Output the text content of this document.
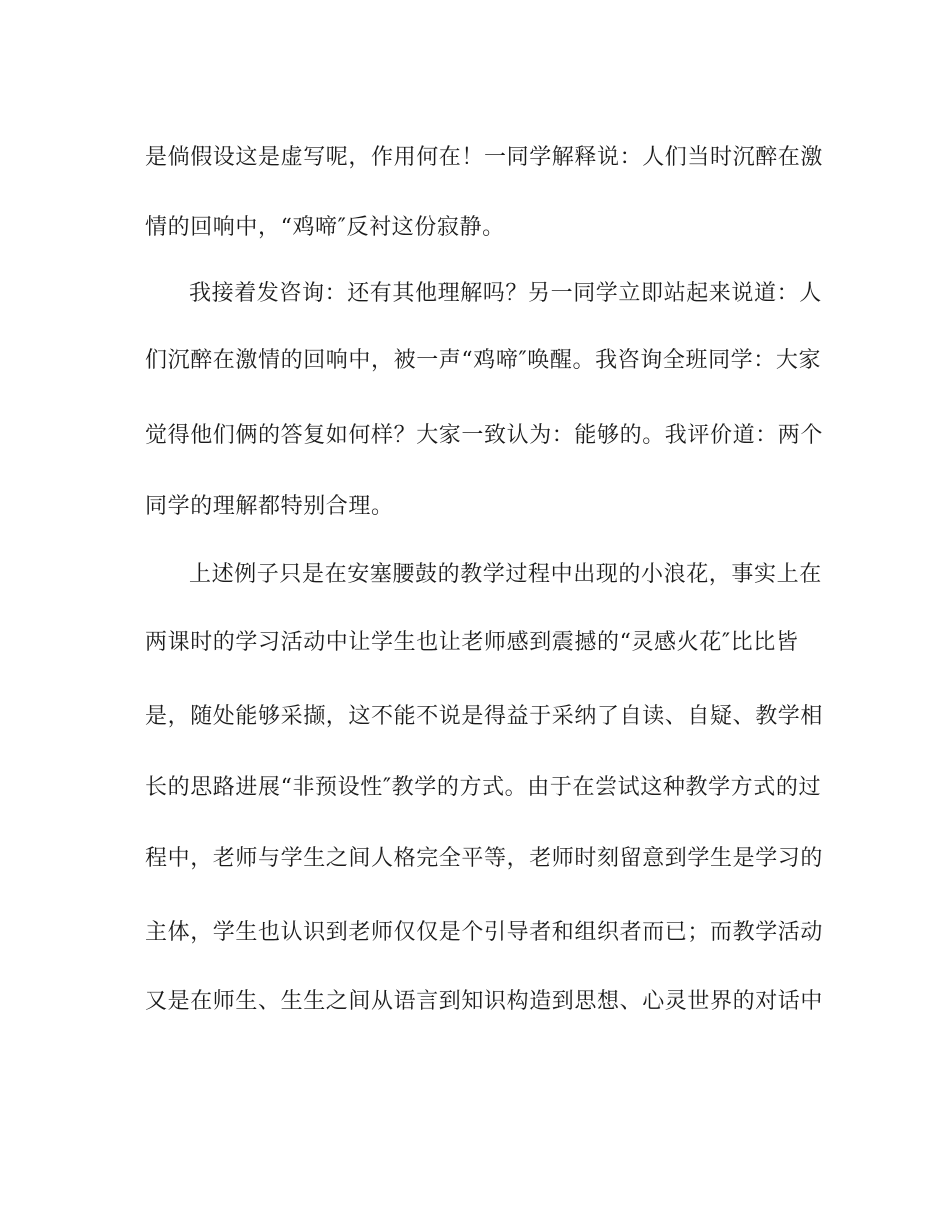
是倘假设这是虚写呢，作用何在！一同学解释说：人们当时沉醉在激
情的回响中，“鸡啼″反衬这份寂静。
我接着发咨询：还有其他理解吗？另一同学立即站起来说道：人
们沉醉在激情的回响中，被一声“鸡啼″唤醒。我咨询全班同学：大家
觉得他们俩的答复如何样？大家一致认为：能够的。我评价道：两个
同学的理解都特别合理。
上述例子只是在安塞腰鼓的教学过程中出现的小浪花，事实上在
两课时的学习活动中让学生也让老师感到震撼的“灵感火花″比比皆
是，随处能够采撷，这不能不说是得益于采纳了自读、自疑、教学相
长的思路进展“非预设性″教学的方式。由于在尝试这种教学方式的过
程中，老师与学生之间人格完全平等，老师时刻留意到学生是学习的
主体，学生也认识到老师仅仅是个引导者和组织者而已；而教学活动
又是在师生、生生之间从语言到知识构造到思想、心灵世界的对话中
